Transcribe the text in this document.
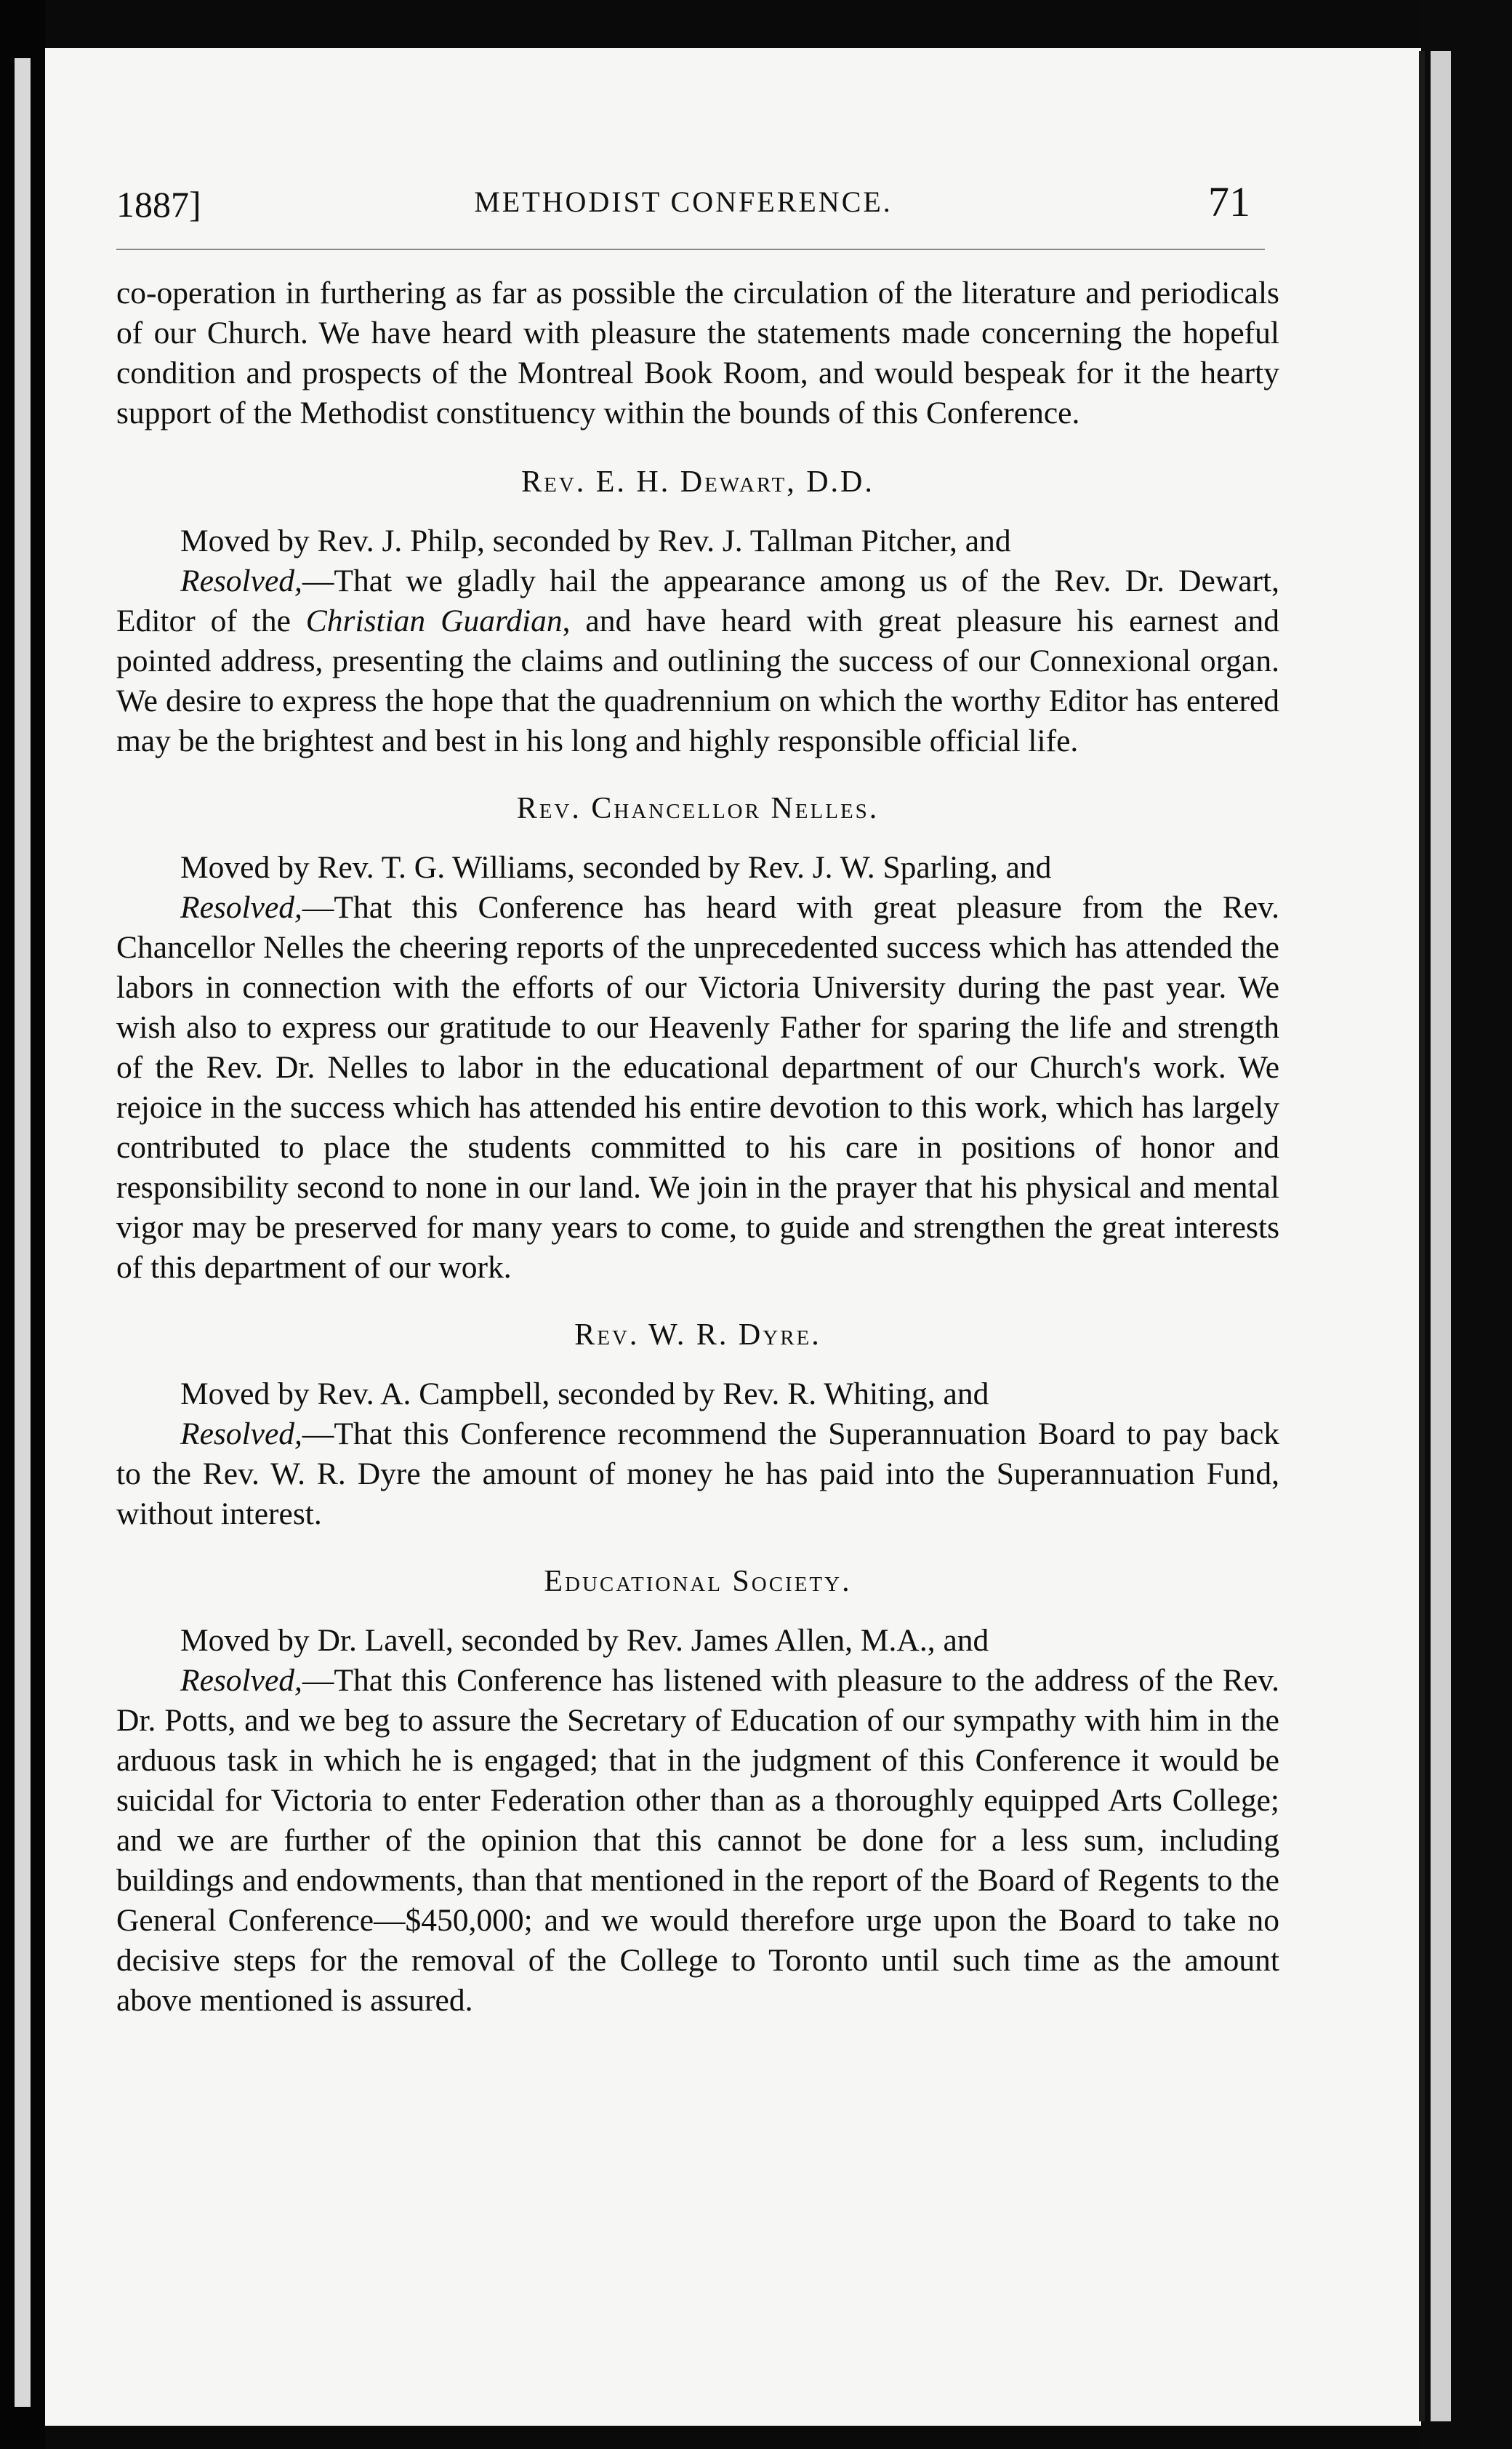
1887]	METHODIST CONFERENCE.	71

co-operation in furthering as far as possible the circulation of the literature and periodicals of our Church. We have heard with pleasure the statements made concerning the hopeful condition and prospects of the Montreal Book Room, and would bespeak for it the hearty support of the Methodist constituency within the bounds of this Conference.

Rev. E. H. Dewart, D.D.

Moved by Rev. J. Philp, seconded by Rev. J. Tallman Pitcher, and

Resolved,—That we gladly hail the appearance among us of the Rev. Dr. Dewart, Editor of the Christian Guardian, and have heard with great pleasure his earnest and pointed address, presenting the claims and outlining the success of our Connexional organ. We desire to express the hope that the quadrennium on which the worthy Editor has entered may be the brightest and best in his long and highly responsible official life.

Rev. Chancellor Nelles.

Moved by Rev. T. G. Williams, seconded by Rev. J. W. Sparling, and

Resolved,—That this Conference has heard with great pleasure from the Rev. Chancellor Nelles the cheering reports of the unprecedented success which has attended the labors in connection with the efforts of our Victoria University during the past year. We wish also to express our gratitude to our Heavenly Father for sparing the life and strength of the Rev. Dr. Nelles to labor in the educational department of our Church's work. We rejoice in the success which has attended his entire devotion to this work, which has largely contributed to place the students committed to his care in positions of honor and responsibility second to none in our land. We join in the prayer that his physical and mental vigor may be preserved for many years to come, to guide and strengthen the great interests of this department of our work.

Rev. W. R. Dyre.

Moved by Rev. A. Campbell, seconded by Rev. R. Whiting, and

Resolved,—That this Conference recommend the Superannuation Board to pay back to the Rev. W. R. Dyre the amount of money he has paid into the Superannuation Fund, without interest.

Educational Society.

Moved by Dr. Lavell, seconded by Rev. James Allen, M.A., and

Resolved,—That this Conference has listened with pleasure to the address of the Rev. Dr. Potts, and we beg to assure the Secretary of Education of our sympathy with him in the arduous task in which he is engaged; that in the judgment of this Conference it would be suicidal for Victoria to enter Federation other than as a thoroughly equipped Arts College; and we are further of the opinion that this cannot be done for a less sum, including buildings and endowments, than that mentioned in the report of the Board of Regents to the General Conference—$450,000; and we would therefore urge upon the Board to take no decisive steps for the removal of the College to Toronto until such time as the amount above mentioned is assured.
